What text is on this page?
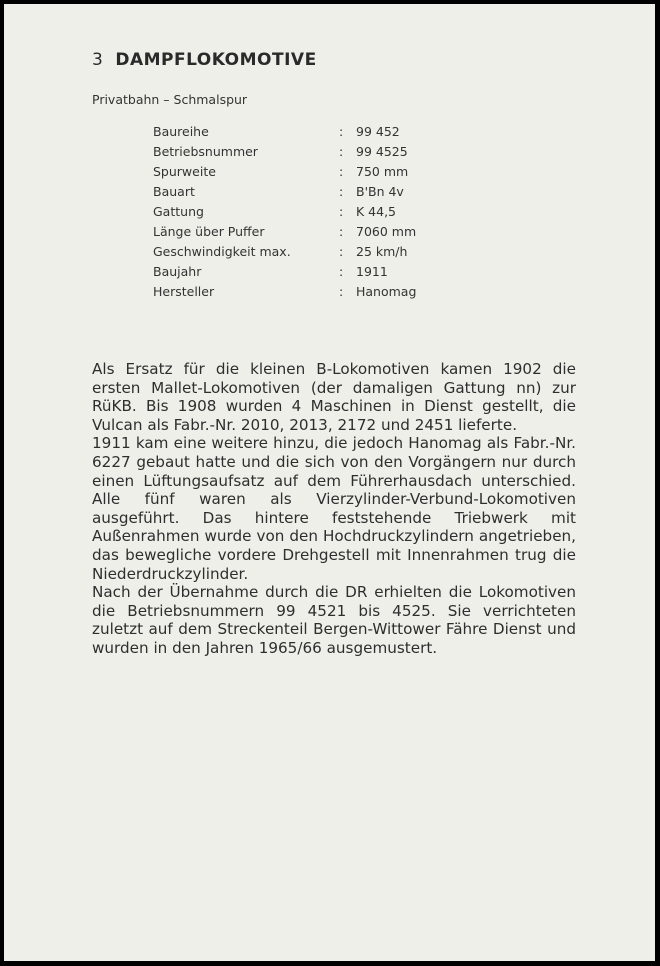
3 DAMPFLOKOMOTIVE
Privatbahn – Schmalspur
Baureihe	: 99 452
Betriebsnummer	: 99 4525
Spurweite	: 750 mm
Bauart	: B'Bn 4v
Gattung	: K 44,5
Länge über Puffer	: 7060 mm
Geschwindigkeit max.	: 25 km/h
Baujahr	: 1911
Hersteller	: Hanomag

Als Ersatz für die kleinen B-Lokomotiven kamen 1902 die ersten Mallet-Lokomotiven (der damaligen Gattung nn) zur RüKB. Bis 1908 wurden 4 Maschinen in Dienst gestellt, die Vulcan als Fabr.-Nr. 2010, 2013, 2172 und 2451 lieferte.

1911 kam eine weitere hinzu, die jedoch Hanomag als Fabr.-Nr. 6227 gebaut hatte und die sich von den Vorgängern nur durch einen Lüftungsaufsatz auf dem Führerhausdach unterschied. Alle fünf waren als Vierzylinder-Verbund-Lokomotiven ausgeführt. Das hintere feststehende Triebwerk mit Außenrahmen wurde von den Hochdruckzylindern angetrieben, das bewegliche vordere Drehgestell mit Innenrahmen trug die Niederdruckzylinder.

Nach der Übernahme durch die DR erhielten die Lokomotiven die Betriebsnummern 99 4521 bis 4525. Sie verrichteten zuletzt auf dem Streckenteil Bergen-Wittower Fähre Dienst und wurden in den Jahren 1965/66 ausgemustert.
